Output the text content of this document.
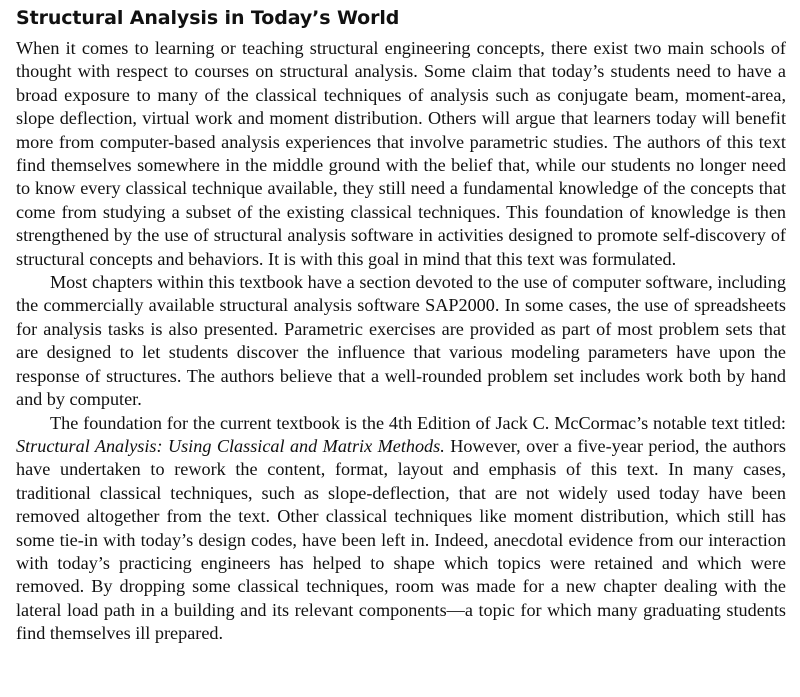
Structural Analysis in Today’s World

When it comes to learning or teaching structural engineering concepts, there exist two main schools of thought with respect to courses on structural analysis. Some claim that today’s students need to have a broad exposure to many of the classical techniques of analysis such as conjugate beam, moment-area, slope deflection, virtual work and moment distribution. Others will argue that learners today will benefit more from computer-based analysis experiences that involve parametric studies. The authors of this text find themselves somewhere in the middle ground with the belief that, while our students no longer need to know every classical technique available, they still need a fundamental knowledge of the concepts that come from studying a subset of the existing classical techniques. This foundation of knowledge is then strengthened by the use of structural analysis software in activities designed to promote self-discovery of structural concepts and behaviors. It is with this goal in mind that this text was formulated.

Most chapters within this textbook have a section devoted to the use of computer software, including the commercially available structural analysis software SAP2000. In some cases, the use of spreadsheets for analysis tasks is also presented. Parametric exercises are provided as part of most problem sets that are designed to let students discover the influence that various modeling parameters have upon the response of structures. The authors believe that a well-rounded problem set includes work both by hand and by computer.

The foundation for the current textbook is the 4th Edition of Jack C. McCormac’s notable text titled: Structural Analysis: Using Classical and Matrix Methods. However, over a five-year period, the authors have undertaken to rework the content, format, layout and emphasis of this text. In many cases, traditional classical techniques, such as slope-deflection, that are not widely used today have been removed altogether from the text. Other classical techniques like moment distribution, which still has some tie-in with today’s design codes, have been left in. Indeed, anecdotal evidence from our interaction with today’s practicing engineers has helped to shape which topics were retained and which were removed. By dropping some classical techniques, room was made for a new chapter dealing with the lateral load path in a building and its relevant components—a topic for which many graduating students find themselves ill prepared.
